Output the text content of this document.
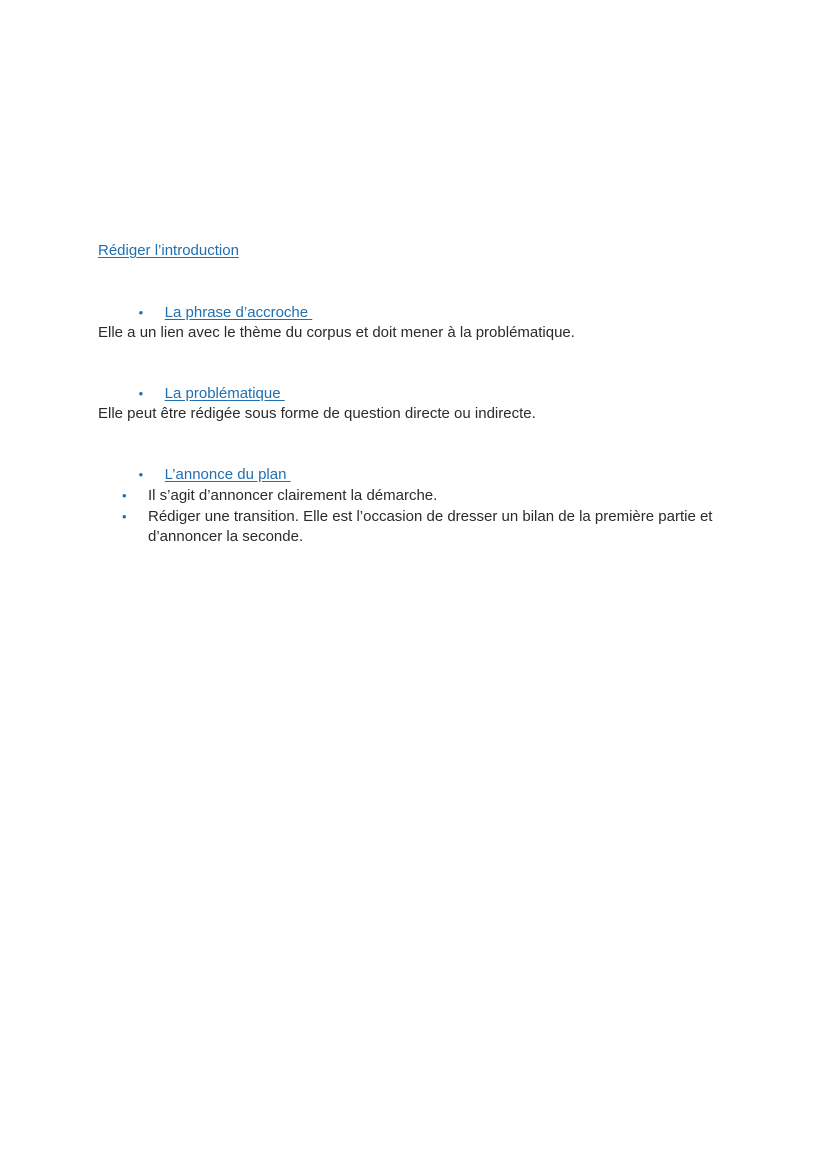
Rédiger l’introduction

• La phrase d’accroche

Elle a un lien avec le thème du corpus et doit mener à la problématique.

• La problématique

Elle peut être rédigée sous forme de question directe ou indirecte.

• L’annonce du plan

• Il s’agit d’annoncer clairement la démarche.
• Rédiger une transition. Elle est l’occasion de dresser un bilan de la première partie et d’annoncer la seconde.
